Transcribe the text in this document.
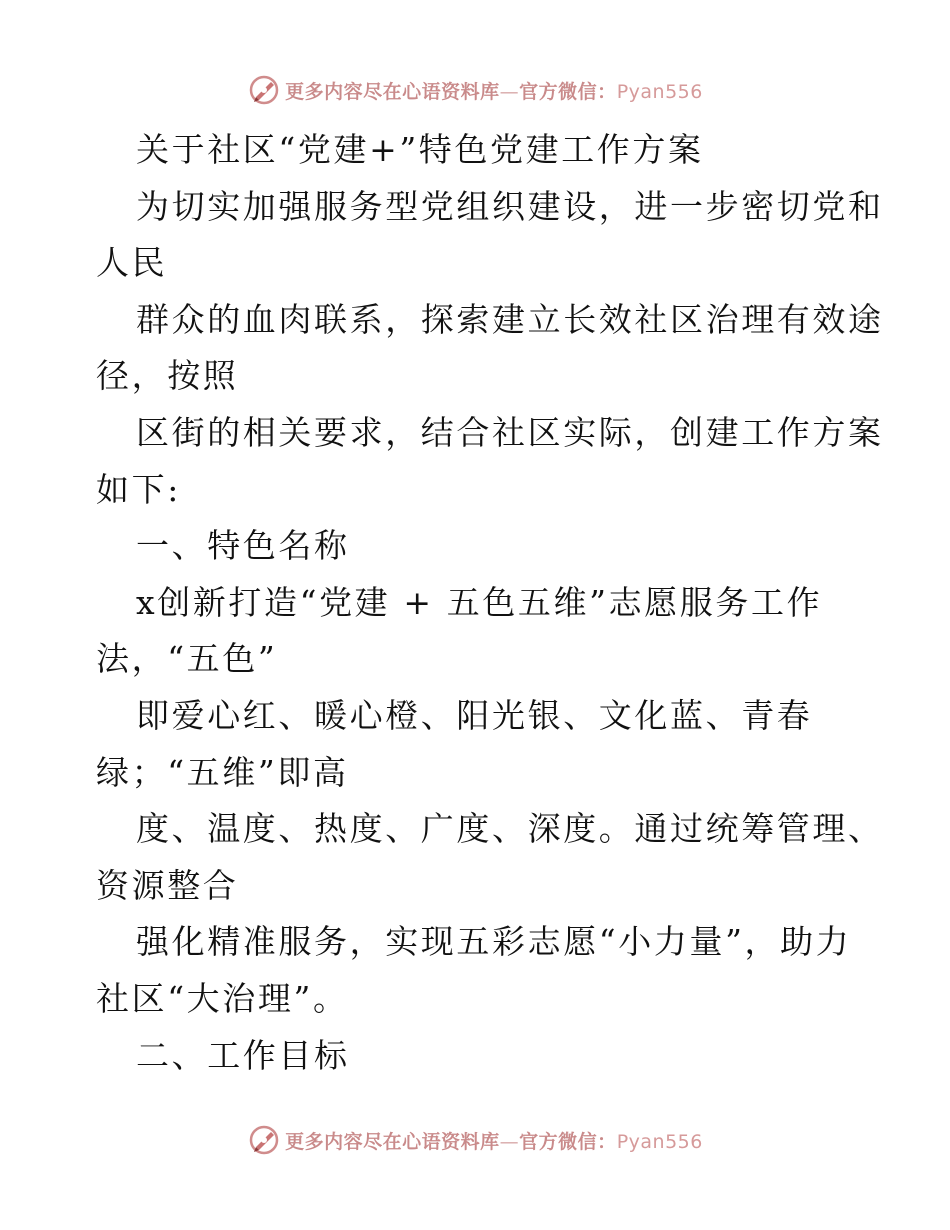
更多内容尽在心语资料库—官方微信：Pyan556
关于社区“党建+”特色党建工作方案
为切实加强服务型党组织建设，进一步密切党和
人民
群众的血肉联系，探索建立长效社区治理有效途
径，按照
区街的相关要求，结合社区实际，创建工作方案
如下:
一、特色名称
x创新打造“党建 + 五色五维”志愿服务工作
法，“五色”
即爱心红、暖心橙、阳光银、文化蓝、青春
绿；“五维”即高
度、温度、热度、广度、深度。通过统筹管理、
资源整合
强化精准服务，实现五彩志愿“小力量”，助力
社区“大治理”。
二、工作目标
更多内容尽在心语资料库—官方微信：Pyan556
